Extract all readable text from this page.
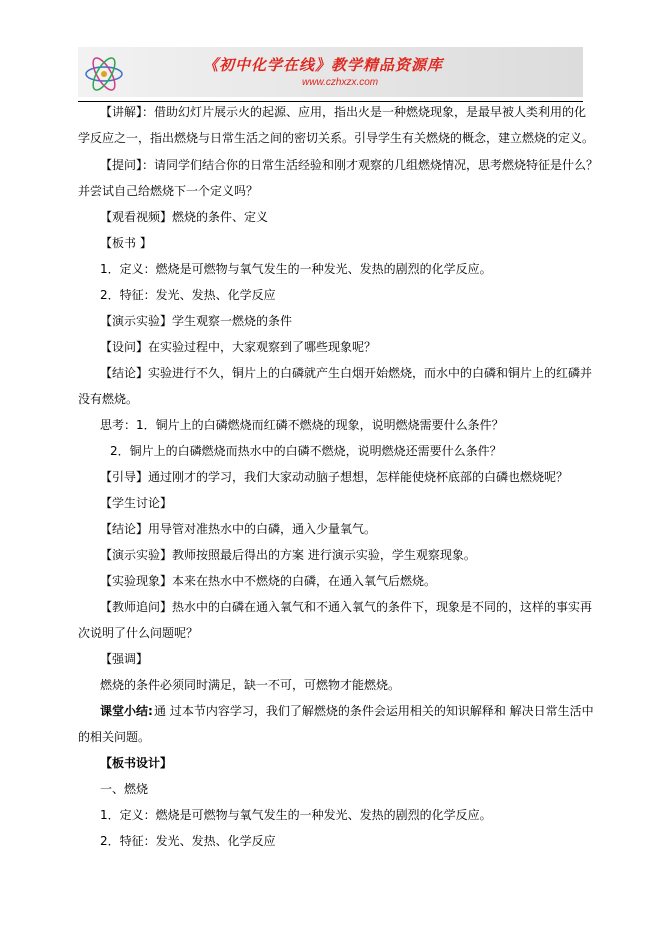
《初中化学在线》教学精品资源库
www.czhxzx.com
【讲解】：借助幻灯片展示火的起源、应用，指出火是一种燃烧现象，是最早被人类利用的化
学反应之一，指出燃烧与日常生活之间的密切关系。引导学生有关燃烧的概念，建立燃烧的定义。
【提问】：请同学们结合你的日常生活经验和刚才观察的几组燃烧情况，思考燃烧特征是什么？
并尝试自己给燃烧下一个定义吗？
【观看视频】燃烧的条件、定义
【板书 】
1．定义：燃烧是可燃物与氧气发生的一种发光、发热的剧烈的化学反应。
2．特征：发光、发热、化学反应
【演示实验】学生观察一燃烧的条件
【设问】在实验过程中，大家观察到了哪些现象呢？
【结论】实验进行不久，铜片上的白磷就产生白烟开始燃烧，而水中的白磷和铜片上的红磷并
没有燃烧。
思考：1．铜片上的白磷燃烧而红磷不燃烧的现象，说明燃烧需要什么条件？
2．铜片上的白磷燃烧而热水中的白磷不燃烧，说明燃烧还需要什么条件？
【引导】通过刚才的学习，我们大家动动脑子想想，怎样能使烧杯底部的白磷也燃烧呢？
【学生讨论】
【结论】用导管对准热水中的白磷，通入少量氧气。
【演示实验】教师按照最后得出的方案 进行演示实验，学生观察现象。
【实验现象】本来在热水中不燃烧的白磷，在通入氧气后燃烧。
【教师追问】热水中的白磷在通入氧气和不通入氧气的条件下，现象是不同的，这样的事实再
次说明了什么问题呢？
【强调】
燃烧的条件必须同时满足，缺一不可，可燃物才能燃烧。
课堂小结: 通 过本节内容学习，我们了解燃烧的条件会运用相关的知识解释和 解决日常生活中
的相关问题。
【板书设计】
一、燃烧
1．定义：燃烧是可燃物与氧气发生的一种发光、发热的剧烈的化学反应。
2．特征：发光、发热、化学反应
